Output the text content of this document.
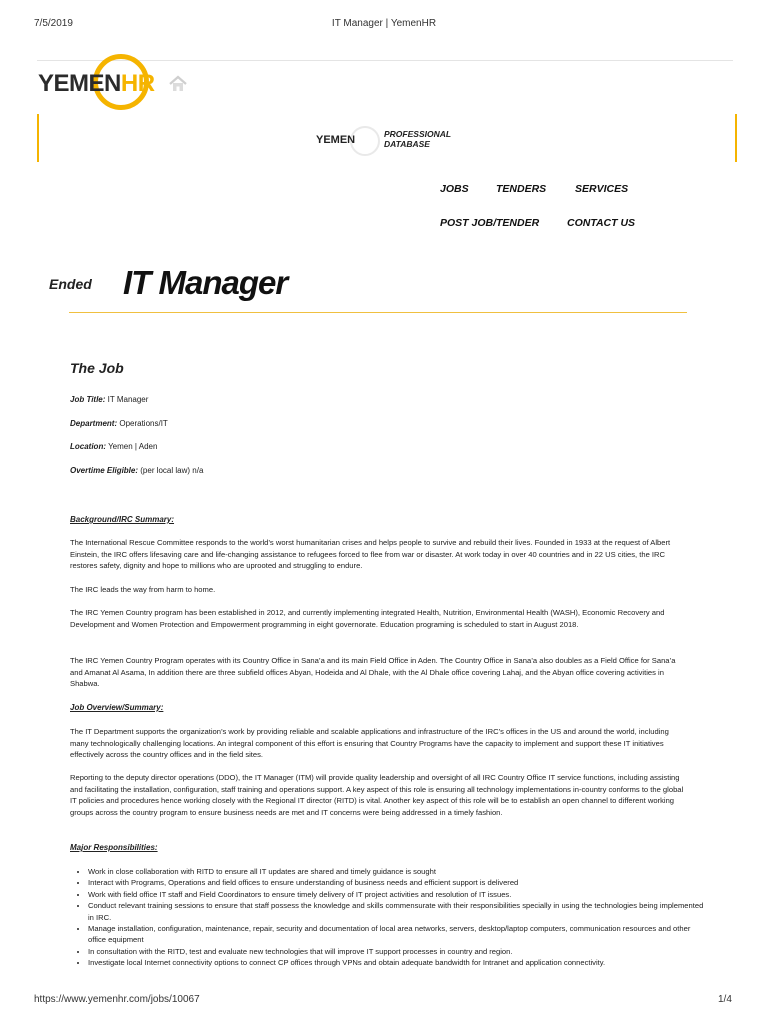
7/5/2019	IT Manager | YemenHR
YEMENHR
YEMEN	PROFESSIONAL
DATABASE
JOBS	TENDERS	SERVICES
POST JOB/TENDER	CONTACT US
Ended IT Manager
The Job
Job Title: IT Manager
Department: Operations/IT
Location: Yemen | Aden
Overtime Eligible: (per local law) n/a
Background/IRC Summary:
The International Rescue Committee responds to the world’s worst humanitarian crises and helps people to survive and rebuild their lives. Founded in 1933 at the request of Albert Einstein, the IRC offers lifesaving care and life-changing assistance to refugees forced to flee from war or disaster. At work today in over 40 countries and in 22 US cities, the IRC restores safety, dignity and hope to millions who are uprooted and struggling to endure.
The IRC leads the way from harm to home.
The IRC Yemen Country program has been established in 2012, and currently implementing integrated Health, Nutrition, Environmental Health (WASH), Economic Recovery and Development and Women Protection and Empowerment programming in eight governorate. Education programing is scheduled to start in August 2018.
The IRC Yemen Country Program operates with its Country Office in Sana’a and its main Field Office in Aden. The Country Office in Sana’a also doubles as a Field Office for Sana’a and Amanat Al Asama, In addition there are three subfield offices Abyan, Hodeida and Al Dhale, with the Al Dhale office covering Lahaj, and the Abyan office covering activities in Shabwa.
Job Overview/Summary:
The IT Department supports the organization’s work by providing reliable and scalable applications and infrastructure of the IRC’s offices in the US and around the world, including many technologically challenging locations. An integral component of this effort is ensuring that Country Programs have the capacity to implement and support these IT initiatives effectively across the country offices and in the field sites.
Reporting to the deputy director operations (DDO), the IT Manager (ITM) will provide quality leadership and oversight of all IRC Country Office IT service functions, including assisting and facilitating the installation, configuration, staff training and operations support. A key aspect of this role is ensuring all technology implementations in-country conforms to the global IT policies and procedures hence working closely with the Regional IT director (RITD) is vital. Another key aspect of this role will be to establish an open channel to different working groups across the country program to ensure business needs are met and IT concerns were being addressed in a timely fashion.
Major Responsibilities:
• Work in close collaboration with RITD to ensure all IT updates are shared and timely guidance is sought
• Interact with Programs, Operations and field offices to ensure understanding of business needs and efficient support is delivered
• Work with field office IT staff and Field Coordinators to ensure timely delivery of IT project activities and resolution of IT issues.
• Conduct relevant training sessions to ensure that staff possess the knowledge and skills commensurate with their responsibilities specially in using the technologies being implemented in IRC.
• Manage installation, configuration, maintenance, repair, security and documentation of local area networks, servers, desktop/laptop computers, communication resources and other office equipment
• In consultation with the RITD, test and evaluate new technologies that will improve IT support processes in country and region.
• Investigate local Internet connectivity options to connect CP offices through VPNs and obtain adequate bandwidth for Intranet and application connectivity.
https://www.yemenhr.com/jobs/10067	1/4
